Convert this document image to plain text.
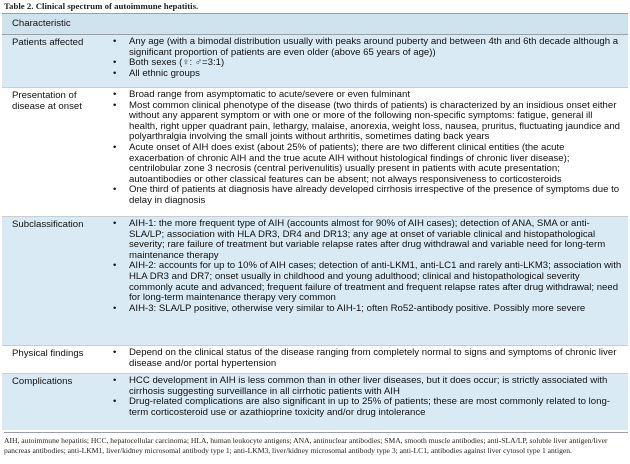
Table 2. Clinical spectrum of autoimmune hepatitis.
Characteristic
Patients affected	•	Any age (with a bimodal distribution usually with peaks around puberty and between 4th and 6th decade although a significant proportion of patients are even older (above 65 years of age))
•	Both sexes (♀: ♂=3:1)
•	All ethnic groups
Presentation of disease at onset
•	Broad range from asymptomatic to acute/severe or even fulminant
•	Most common clinical phenotype of the disease (two thirds of patients) is characterized by an insidious onset either without any apparent symptom or with one or more of the following non-specific symptoms: fatigue, general ill health, right upper quadrant pain, lethargy, malaise, anorexia, weight loss, nausea, pruritus, fluctuating jaundice and polyarthralgia involving the small joints without arthritis, sometimes dating back years
•	Acute onset of AIH does exist (about 25% of patients); there are two different clinical entities (the acute exacerbation of chronic AIH and the true acute AIH without histological findings of chronic liver disease); centrilobular zone 3 necrosis (central perivenulitis) usually present in patients with acute presentation; autoantibodies or other classical features can be absent; not always responsiveness to corticosteroids
•	One third of patients at diagnosis have already developed cirrhosis irrespective of the presence of symptoms due to delay in diagnosis
Subclassification	•	AIH-1: the more frequent type of AIH (accounts almost for 90% of AIH cases); detection of ANA, SMA or anti-SLA/LP; association with HLA DR3, DR4 and DR13; any age at onset of variable clinical and histopathological severity; rare failure of treatment but variable relapse rates after drug withdrawal and variable need for long-term maintenance therapy
•	AIH-2: accounts for up to 10% of AIH cases; detection of anti-LKM1, anti-LC1 and rarely anti-LKM3; association with HLA DR3 and DR7; onset usually in childhood and young adulthood; clinical and histopathological severity commonly acute and advanced; frequent failure of treatment and frequent relapse rates after drug withdrawal; need for long-term maintenance therapy very common
•	AIH-3: SLA/LP positive, otherwise very similar to AIH-1; often Ro52-antibody positive. Possibly more severe
Physical findings	•	Depend on the clinical status of the disease ranging from completely normal to signs and symptoms of chronic liver disease and/or portal hypertension
Complications	•	HCC development in AIH is less common than in other liver diseases, but it does occur; is strictly associated with cirrhosis suggesting surveillance in all cirrhotic patients with AIH
•	Drug-related complications are also significant in up to 25% of patients; these are most commonly related to long-term corticosteroid use or azathioprine toxicity and/or drug intolerance
AIH, autoimmune hepatitis; HCC, hepatocellular carcinoma; HLA, human leukocyte antigens; ANA, antinuclear antibodies; SMA, smooth muscle antibodies; anti-SLA/LP, soluble liver antigen/liver pancreas antibodies; anti-LKM1, liver/kidney microsomal antibody type 1; anti-LKM3, liver/kidney microsomal antibody type 3; anti-LC1, antibodies against liver cytosol type 1 antigen.
